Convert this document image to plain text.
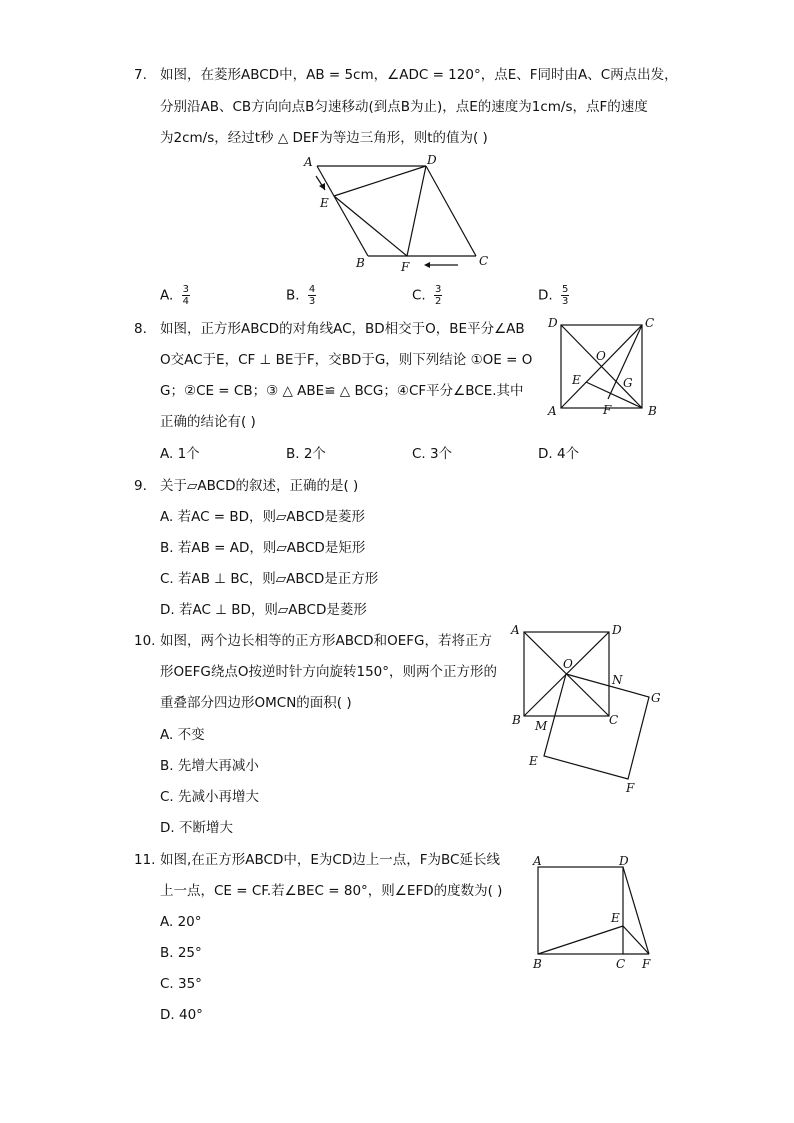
7. 如图，在菱形ABCD中，AB = 5cm，∠ADC = 120°，点E、F同时由A、C两点出发，
分别沿AB、CB方向向点B匀速移动(到点B为止)，点E的速度为1cm/s，点F的速度
为2cm/s，经过t秒 △ DEF为等边三角形，则t的值为( )
A	D
E
B	F	C
A. $\frac{3}{4}$	B. $\frac{4}{3}$	C. $\frac{3}{2}$	D. $\frac{5}{3}$
8. 如图，正方形ABCD的对角线AC，BD相交于O，BE平分∠AB
O交AC于E，CF ⊥ BE于F，交BD于G，则下列结论 ①OE = O
G；②CE = CB；③ △ ABE≌ △ BCG；④CF平分∠BCE.其中
正确的结论有( )
D	C
O
E	G
A	F	B
A. 1个	B. 2个	C. 3个	D. 4个
9. 关于▱ABCD的叙述，正确的是( )
A. 若AC = BD，则▱ABCD是菱形
B. 若AB = AD，则▱ABCD是矩形
C. 若AB ⊥ BC，则▱ABCD是正方形
D. 若AC ⊥ BD，则▱ABCD是菱形
10. 如图，两个边长相等的正方形ABCD和OEFG，若将正方
形OEFG绕点O按逆时针方向旋转150°，则两个正方形的
重叠部分四边形OMCN的面积( )
A	D
O
N
G
B M	C
E
F
A. 不变
B. 先增大再减小
C. 先减小再增大
D. 不断增大
11. 如图,在正方形ABCD中，E为CD边上一点，F为BC延长线
上一点，CE = CF.若∠BEC = 80°，则∠EFD的度数为( )
A	D
E
B	C F
A. 20°
B. 25°
C. 35°
D. 40°
